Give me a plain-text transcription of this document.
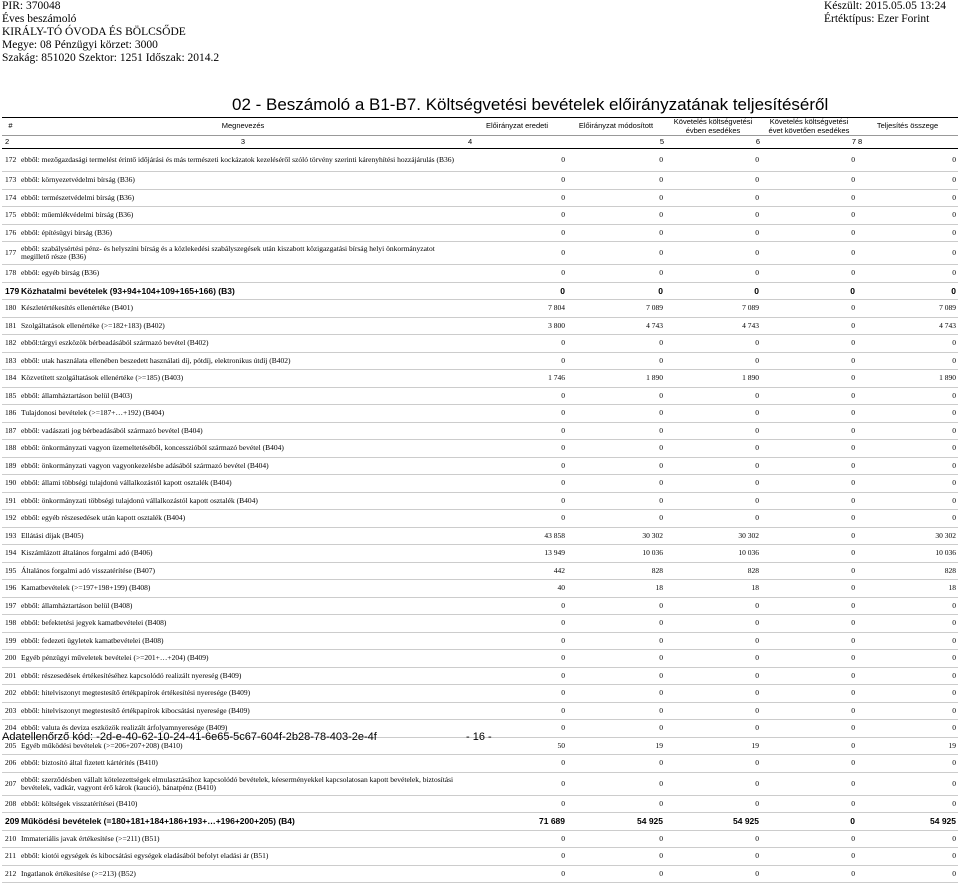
PIR: 370048
Éves beszámoló
KIRÁLY-TÓ ÓVODA ÉS BÖLCSŐDE
Megye: 08 Pénzügyi körzet: 3000
Szakág: 851020 Szektor: 1251 Időszak: 2014.2
Készült: 2015.05.05 13:24
Értéktípus: Ezer Forint
02 - Beszámoló a B1-B7. Költségvetési bevételek előirányzatának teljesítéséről
#	Megnevezés	Előirányzat eredeti	Előirányzat módosított	Követelés költségvetési évben esedékes	Követelés költségvetési évet követően esedékes	Teljesítés összege
2	3	4	5	6	7	8
172	ebből: mezőgazdasági termelést érintő időjárási és más természeti kockázatok kezeléséről szóló törvény szerinti kárenyhítési hozzájárulás (B36)	0	0	0	0	0
173	ebből: környezetvédelmi bírság (B36)	0	0	0	0	0
174	ebből: természetvédelmi bírság (B36)	0	0	0	0	0
175	ebből: műemlékvédelmi bírság (B36)	0	0	0	0	0
176	ebből: építésügyi bírság (B36)	0	0	0	0	0
177	ebből: szabálysértési pénz- és helyszíni bírság és a közlekedési szabályszegések után kiszabott közigazgatási bírság helyi önkormányzatot megillető része (B36)	0	0	0	0	0
178	ebből: egyéb bírság (B36)	0	0	0	0	0
179	Közhatalmi bevételek (93+94+104+109+165+166) (B3)	0	0	0	0	0
180	Készletértékesítés ellenértéke (B401)	7 804	7 089	7 089	0	7 089
181	Szolgáltatások ellenértéke (>=182+183) (B402)	3 800	4 743	4 743	0	4 743
182	ebből:tárgyi eszközök bérbeadásából származó bevétel (B402)	0	0	0	0	0
183	ebből: utak használata ellenében beszedett használati díj, pótdíj, elektronikus útdíj (B402)	0	0	0	0	0
184	Közvetített szolgáltatások ellenértéke (>=185) (B403)	1 746	1 890	1 890	0	1 890
185	ebből: államháztartáson belül (B403)	0	0	0	0	0
186	Tulajdonosi bevételek (>=187+…+192) (B404)	0	0	0	0	0
187	ebből: vadászati jog bérbeadásából származó bevétel (B404)	0	0	0	0	0
188	ebből: önkormányzati vagyon üzemeltetéséből, koncesszióból származó bevétel (B404)	0	0	0	0	0
189	ebből: önkormányzati vagyon vagyonkezelésbe adásából származó bevétel (B404)	0	0	0	0	0
190	ebből: állami többségi tulajdonú vállalkozástól kapott osztalék (B404)	0	0	0	0	0
191	ebből: önkormányzati többségi tulajdonú vállalkozástól kapott osztalék (B404)	0	0	0	0	0
192	ebből: egyéb részesedések után kapott osztalék (B404)	0	0	0	0	0
193	Ellátási díjak (B405)	43 858	30 302	30 302	0	30 302
194	Kiszámlázott általános forgalmi adó (B406)	13 949	10 036	10 036	0	10 036
195	Általános forgalmi adó visszatérítése (B407)	442	828	828	0	828
196	Kamatbevételek (>=197+198+199) (B408)	40	18	18	0	18
197	ebből: államháztartáson belül (B408)	0	0	0	0	0
198	ebből: befektetési jegyek kamatbevételei (B408)	0	0	0	0	0
199	ebből: fedezeti ügyletek kamatbevételei (B408)	0	0	0	0	0
200	Egyéb pénzügyi műveletek bevételei (>=201+…+204) (B409)	0	0	0	0	0
201	ebből: részesedések értékesítéséhez kapcsolódó realizált nyereség (B409)	0	0	0	0	0
202	ebből: hitelviszonyt megtestesítő értékpapírok értékesítési nyeresége (B409)	0	0	0	0	0
203	ebből: hitelviszonyt megtestesítő értékpapírok kibocsátási nyeresége (B409)	0	0	0	0	0
204	ebből: valuta és deviza eszközök realizált árfolyamnyeresége (B409)	0	0	0	0	0
205	Egyéb működési bevételek (>=206+207+208) (B410)	50	19	19	0	19
206	ebből: biztosító által fizetett kártérítés (B410)	0	0	0	0	0
207	ebből: szerződésben vállalt kötelezettségek elmulasztásához kapcsolódó bevételek, kéeserményekkel kapcsolatosan kapott bevételek, biztosítási bevételek, vadkár, vagyont érő károk (kaució), bánatpénz (B410)	0	0	0	0	0
208	ebből: költségek visszatérítései (B410)	0	0	0	0	0
209	Működési bevételek (=180+181+184+186+193+…+196+200+205) (B4)	71 689	54 925	54 925	0	54 925
210	Immateriális javak értékesítése (>=211) (B51)	0	0	0	0	0
211	ebből: kiotói egységek és kibocsátási egységek eladásából befolyt eladási ár (B51)	0	0	0	0	0
212	Ingatlanok értékesítése (>=213) (B52)	0	0	0	0	0
Adatellenőrző kód: -2d-e-40-62-10-24-41-6e65-5c67-604f-2b28-78-403-2e-4f	- 16 -
